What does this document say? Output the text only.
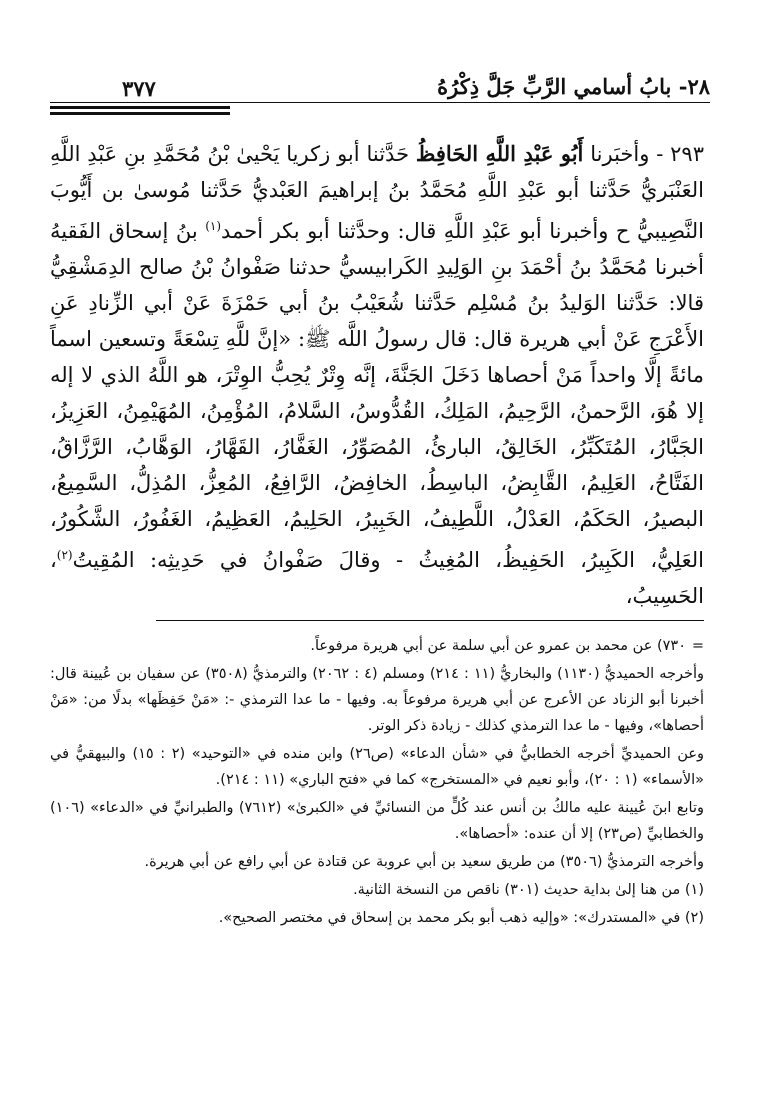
٢٨- بابُ أسامي الرَّبِّ جَلَّ ذِكْرُهُ
٣٧٧
٢٩٣ - وأخبَرنا أَبُو عَبْدِ اللَّهِ الحَافِظُ حَدَّثنا أبو زكريا يَحْيىٰ بْنُ مُحَمَّدِ بنِ عَبْدِ اللَّهِ العَنْبَريُّ حَدَّثنا أبو عَبْدِ اللَّهِ مُحَمَّدُ بنُ إبراهيمَ العَبْديُّ حَدَّثنا مُوسىٰ بن أَيُّوبَ النَّصِيبيُّ ح وأخبرنا أبو عَبْدِ اللَّهِ قال: وحدَّثنا أبو بكر أحمد$^{(١)}$ بنُ إسحاق الفَقيهُ أخبرنا مُحَمَّدُ بنُ أحْمَدَ بنِ الوَلِيدِ الكَرابيسيُّ حدثنا صَفْوانُ بْنُ صالح الدِمَشْقِيُّ قالا: حَدَّثنا الوَليدُ بنُ مُسْلِم حَدَّثنا شُعَيْبُ بنُ أبي حَمْزَةَ عَنْ أبي الزِّنادِ عَنِ الأَعْرَجِ عَنْ أبي هريرة قال: قال رسولُ اللَّه ﷺ: «إنَّ للَّهِ تِسْعَةً وتسعين اسماً مائةً إلَّا واحداً مَنْ أحصاها دَخَلَ الجَنَّةَ، إنَّه وِتْرٌ يُحِبُّ الوِتْرَ، هو اللَّهُ الذي لا إله إلا هُوَ، الرَّحمنُ، الرَّحِيمُ، المَلِكُ، القُدُّوسُ، السَّلامُ، المُؤْمِنُ، المُهَيْمِنُ، العَزِيزُ، الجَبَّارُ، المُتَكَبِّرُ، الخَالِقُ، البارئُ، المُصَوِّرُ، الغَفَّارُ، القَهَّارُ، الوَهَّابُ، الرَّزَّاقُ، الفَتَّاحُ، العَلِيمُ، القَّابِضُ، الباسِطُ، الخافِضُ، الرَّافِعُ، المُعِزُّ، المُذِلُّ، السَّمِيعُ، البصيرُ، الحَكَمُ، العَدْلُ، اللَّطِيفُ، الخَبِيرُ، الحَلِيمُ، العَظِيمُ، الغَفُورُ، الشَّكُورُ، العَلِيُّ، الكَبِيرُ، الحَفِيظُ، المُغِيثُ - وقالَ صَفْوانُ في حَدِيثِه: المُقِيتُ$^{(٢)}$، الحَسِيبُ،

= ٧٣٠) عن محمد بن عمرو عن أبي سلمة عن أبي هريرة مرفوعاً.

وأخرجه الحميديُّ (١١٣٠) والبخاريُّ (١١ : ٢١٤) ومسلم (٤ : ٢٠٦٢) والترمذيُّ (٣٥٠٨) عن سفيان بن عُيينة قال: أخبرنا أبو الزناد عن الأعرج عن أبي هريرة مرفوعاً به. وفيها - ما عدا الترمذي -: «مَنْ حَفِظَها» بدلًا من: «مَنْ أحصاها»، وفيها - ما عدا الترمذي كذلك - زيادة ذكر الوتر.

وعن الحميديِّ أخرجه الخطابيُّ في «شأن الدعاء» (ص٢٦) وابن منده في «التوحيد» (٢ : ١٥) والبيهقيُّ في «الأسماء» (١ : ٢٠)، وأبو نعيم في «المستخرج» كما في «فتح الباري» (١١ : ٢١٤).

وتابع ابنَ عُيينة عليه مالكُ بن أنس عند كُلٍّ من النسائيِّ في «الكبرىٰ» (٧٦١٢) والطبرانيِّ في «الدعاء» (١٠٦) والخطابيِّ (ص٢٣) إلا أن عنده: «أحصاها».

وأخرجه الترمذيُّ (٣٥٠٦) من طريق سعيد بن أبي عروبة عن قتادة عن أبي رافع عن أبي هريرة.

(١) من هنا إلىٰ بداية حديث (٣٠١) ناقص من النسخة الثانية.

(٢) في «المستدرك»: «وإليه ذهب أبو بكر محمد بن إسحاق في مختصر الصحيح».
